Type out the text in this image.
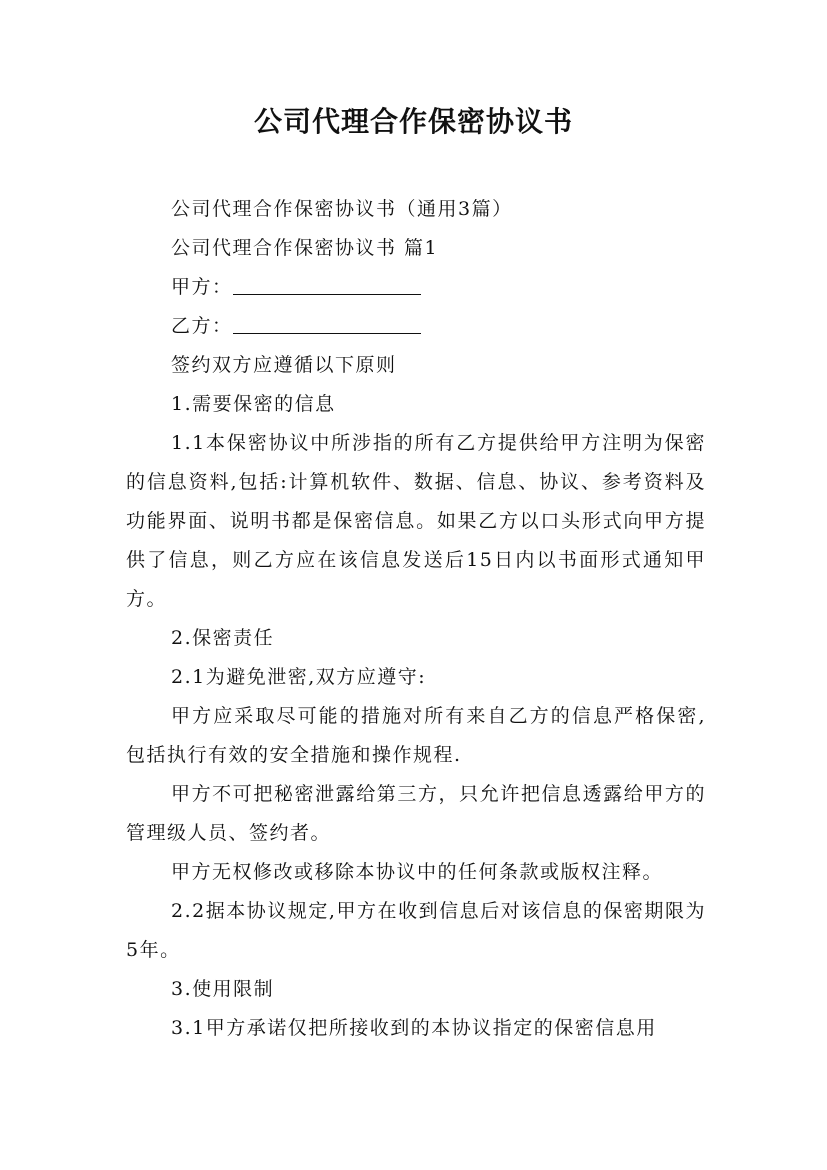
公司代理合作保密协议书

公司代理合作保密协议书（通用3篇）

公司代理合作保密协议书 篇1

甲方：

乙方：

签约双方应遵循以下原则

1.需要保密的信息

1.1本保密协议中所涉指的所有乙方提供给甲方注明为保密的信息资料,包括:计算机软件、数据、信息、协议、参考资料及功能界面、说明书都是保密信息。如果乙方以口头形式向甲方提供了信息，则乙方应在该信息发送后15日内以书面形式通知甲方。

2.保密责任

2.1为避免泄密,双方应遵守:

甲方应采取尽可能的措施对所有来自乙方的信息严格保密,包括执行有效的安全措施和操作规程.

甲方不可把秘密泄露给第三方，只允许把信息透露给甲方的管理级人员、签约者。

甲方无权修改或移除本协议中的任何条款或版权注释。

2.2据本协议规定,甲方在收到信息后对该信息的保密期限为5年。

3.使用限制

3.1甲方承诺仅把所接收到的本协议指定的保密信息用
